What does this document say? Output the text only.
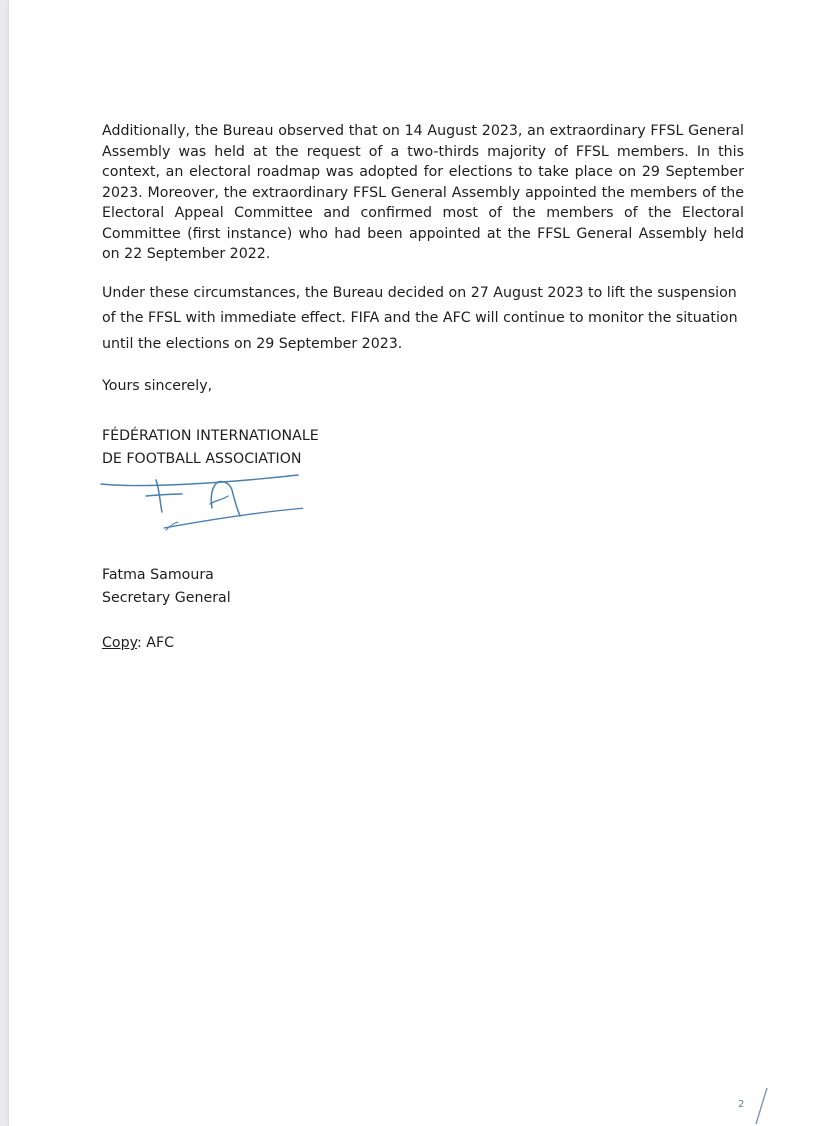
Additionally, the Bureau observed that on 14 August 2023, an extraordinary FFSL General Assembly was held at the request of a two-thirds majority of FFSL members. In this context, an electoral roadmap was adopted for elections to take place on 29 September 2023. Moreover, the extraordinary FFSL General Assembly appointed the members of the Electoral Appeal Committee and confirmed most of the members of the Electoral Committee (first instance) who had been appointed at the FFSL General Assembly held on 22 September 2022.

Under these circumstances, the Bureau decided on 27 August 2023 to lift the suspension of the FFSL with immediate effect. FIFA and the AFC will continue to monitor the situation until the elections on 29 September 2023.

Yours sincerely,
FÉDÉRATION INTERNATIONALE
DE FOOTBALL ASSOCIATION
Fatma Samoura
Secretary General
Copy: AFC
2
